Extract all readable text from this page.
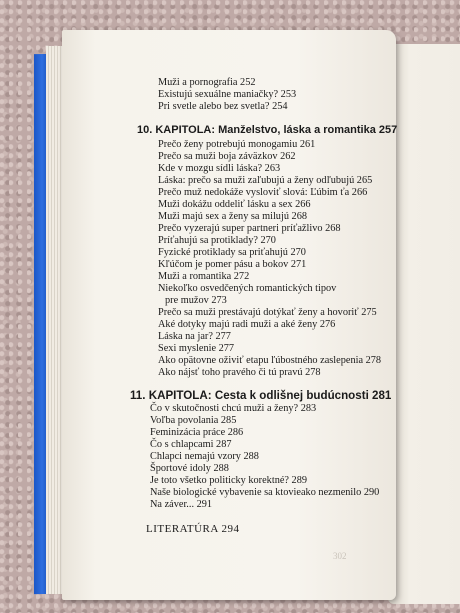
Muži a pornografia 252
Existujú sexuálne maniačky? 253
Pri svetle alebo bez svetla? 254
10. KAPITOLA: Manželstvo, láska a romantika 257
Prečo ženy potrebujú monogamiu 261
Prečo sa muži boja záväzkov 262
Kde v mozgu sídli láska? 263
Láska: prečo sa muži zaľubujú a ženy odľubujú 265
Prečo muž nedokáže vysloviť slová: Ľúbim ťa 266
Muži dokážu oddeliť lásku a sex 266
Muži majú sex a ženy sa milujú 268
Prečo vyzerajú super partneri príťažlivo 268
Príťahujú sa protiklady? 270
Fyzické protiklady sa priťahujú 270
Kľúčom je pomer pásu a bokov 271
Muži a romantika 272
Niekoľko osvedčených romantických tipov
pre mužov 273
Prečo sa muži prestávajú dotýkať ženy a hovoriť 275
Aké dotyky majú radi muži a aké ženy 276
Láska na jar? 277
Sexi myslenie 277
Ako opätovne oživiť etapu ľúbostného zaslepenia 278
Ako nájsť toho pravého či tú pravú 278
11. KAPITOLA: Cesta k odlišnej budúcnosti 281
Čo v skutočnosti chcú muži a ženy? 283
Voľba povolania 285
Feminizácia práce 286
Čo s chlapcami 287
Chlapci nemajú vzory 288
Športové idoly 288
Je toto všetko politicky korektné? 289
Naše biologické vybavenie sa ktovieako nezmenilo 290
Na záver... 291
LITERATÚRA 294
302
